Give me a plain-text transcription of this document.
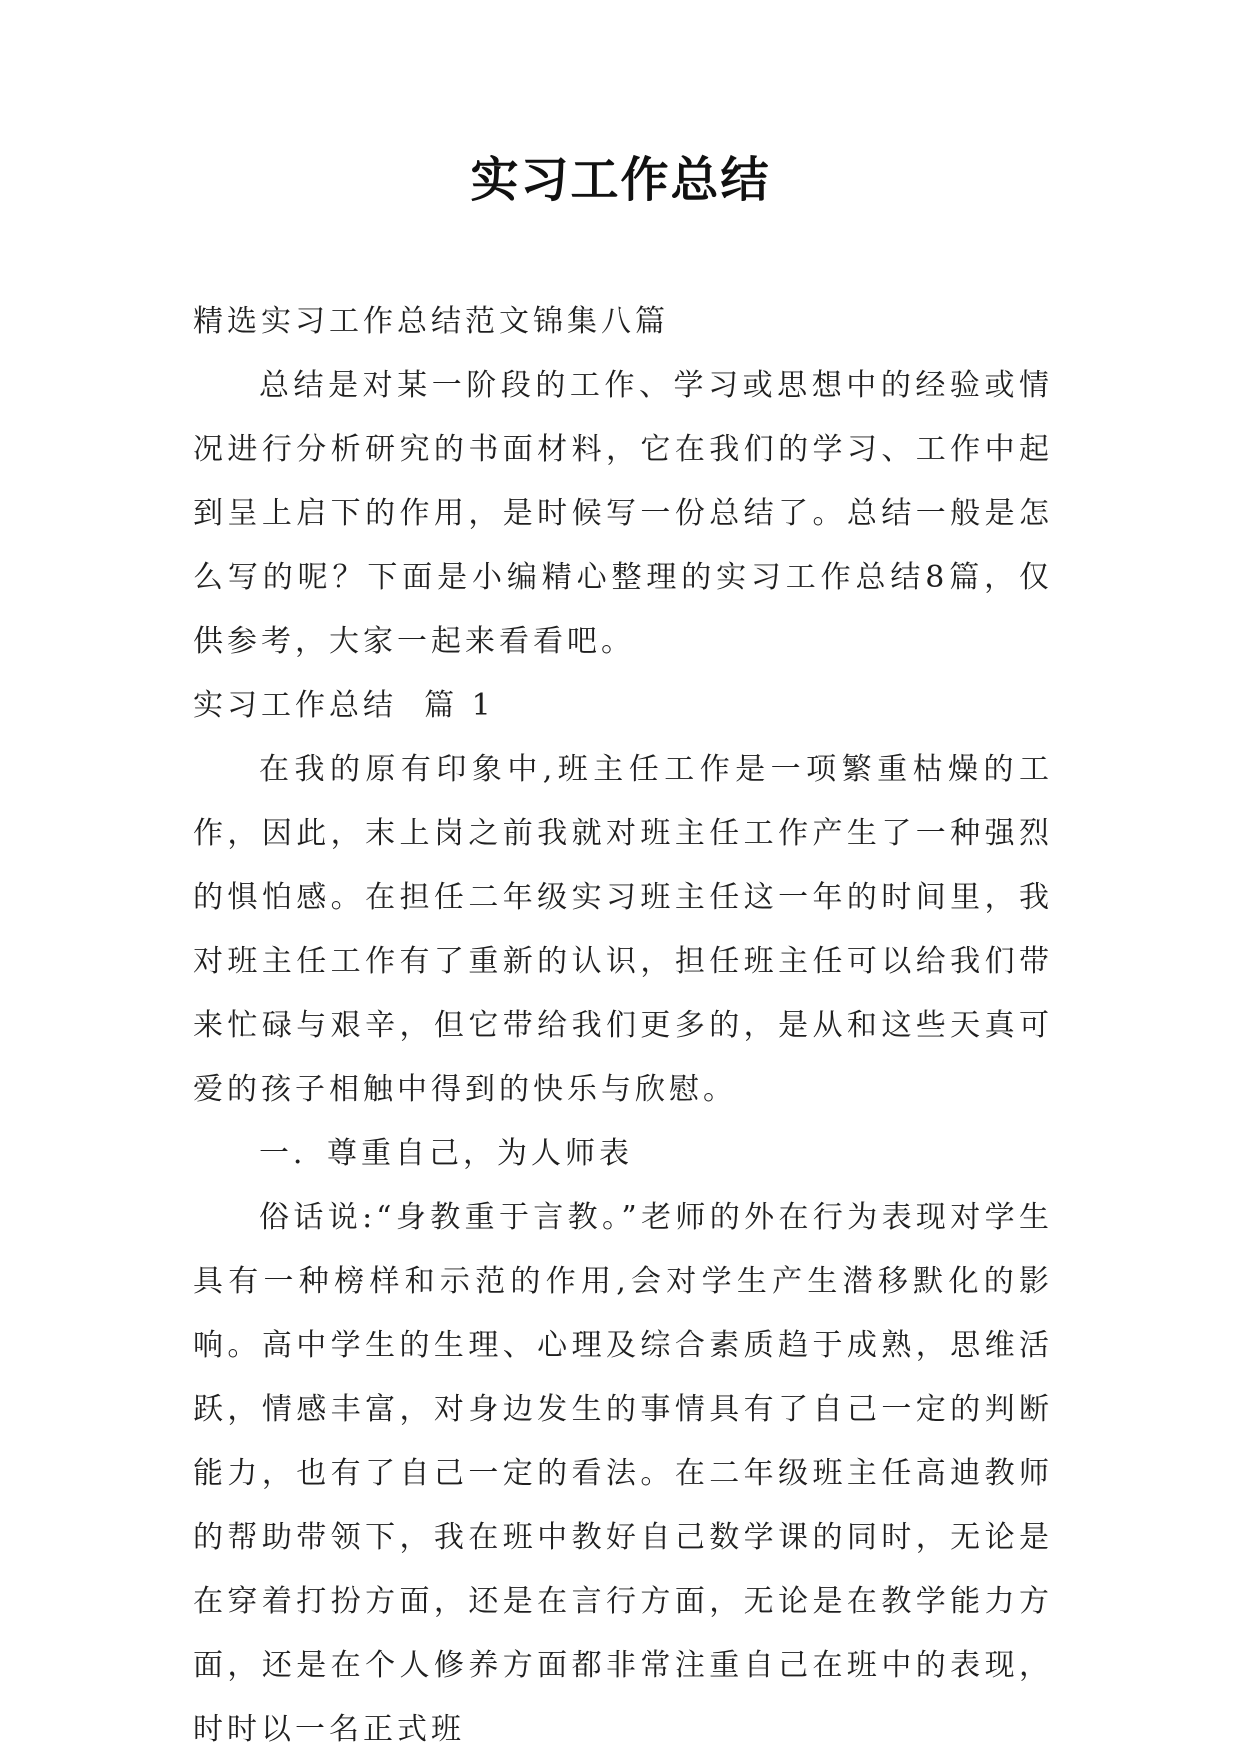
实习工作总结

精选实习工作总结范文锦集八篇

总结是对某一阶段的工作、学习或思想中的经验或情况进行分析研究的书面材料，它在我们的学习、工作中起到呈上启下的作用，是时候写一份总结了。总结一般是怎么写的呢？下面是小编精心整理的实习工作总结8篇，仅供参考，大家一起来看看吧。

实习工作总结  篇 1

在我的原有印象中,班主任工作是一项繁重枯燥的工作，因此，末上岗之前我就对班主任工作产生了一种强烈的惧怕感。在担任二年级实习班主任这一年的时间里，我对班主任工作有了重新的认识，担任班主任可以给我们带来忙碌与艰辛，但它带给我们更多的，是从和这些天真可爱的孩子相触中得到的快乐与欣慰。

一．尊重自己，为人师表

俗话说:“身教重于言教。”老师的外在行为表现对学生具有一种榜样和示范的作用,会对学生产生潜移默化的影响。高中学生的生理、心理及综合素质趋于成熟，思维活跃，情感丰富，对身边发生的事情具有了自己一定的判断能力，也有了自己一定的看法。在二年级班主任高迪教师的帮助带领下，我在班中教好自己数学课的同时，无论是在穿着打扮方面，还是在言行方面，无论是在教学能力方面，还是在个人修养方面都非常注重自己在班中的表现，时时以一名正式班
